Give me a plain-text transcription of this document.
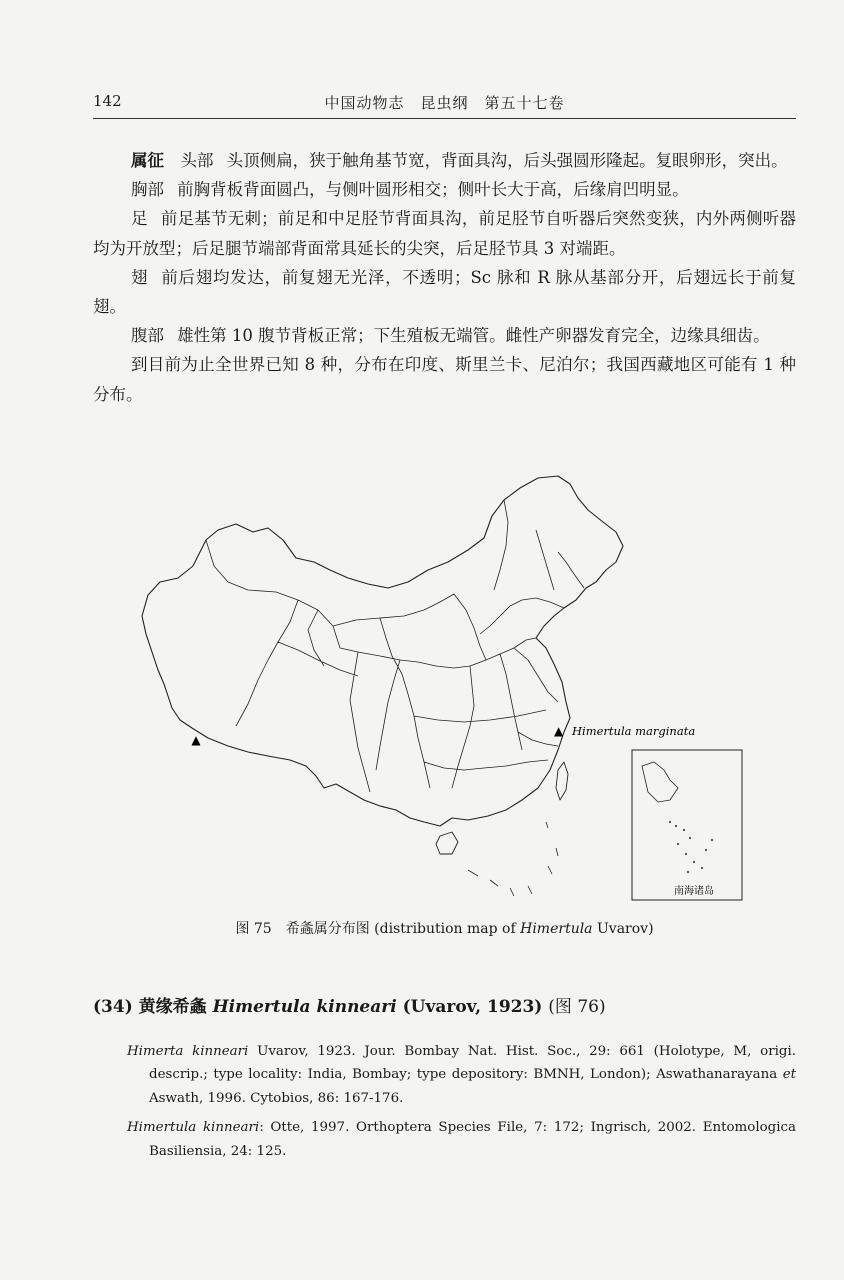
142	中国动物志　昆虫纲　第五十七卷

属征　 头部 头顶侧扁，狭于触角基节宽，背面具沟，后头强圆形隆起。复眼卵形，突出。

胸部 前胸背板背面圆凸，与侧叶圆形相交；侧叶长大于高，后缘肩凹明显。

足 前足基节无刺；前足和中足胫节背面具沟，前足胫节自听器后突然变狭，内外两侧听器均为开放型；后足腿节端部背面常具延长的尖突，后足胫节具 3 对端距。

翅 前后翅均发达，前复翅无光泽，不透明；Sc 脉和 R 脉从基部分开，后翅远长于前复翅。

腹部 雄性第 10 腹节背板正常；下生殖板无端管。雌性产卵器发育完全，边缘具细齿。

到目前为止全世界已知 8 种，分布在印度、斯里兰卡、尼泊尔；我国西藏地区可能有 1 种分布。

南海诸岛
▲
▲ Himertula marginata
图 75　希螽属分布图 (distribution map of Himertula Uvarov)
(34) 黄缘希螽 Himertula kinneari (Uvarov, 1923) (图 76)

Himerta kinneari Uvarov, 1923. Jour. Bombay Nat. Hist. Soc., 29: 661 (Holotype, M, origi. descrip.; type locality: India, Bombay; type depository: BMNH, London); Aswathanarayana et Aswath, 1996. Cytobios, 86: 167-176.

Himertula kinneari: Otte, 1997. Orthoptera Species File, 7: 172; Ingrisch, 2002. Entomologica Basiliensia, 24: 125.
